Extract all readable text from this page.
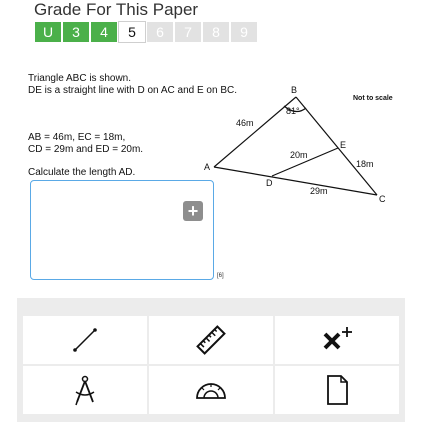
Grade For This Paper
U	3	4	5	6	7	8	9
Triangle ABC is shown.
DE is a straight line with D on AC and E on BC.
AB = 46m, EC = 18m,
CD = 29m and ED = 20m.
Calculate the length AD.
Not to scale
B
A
C
D
E
81°
46m
20m
18m
29m
+
[6]
